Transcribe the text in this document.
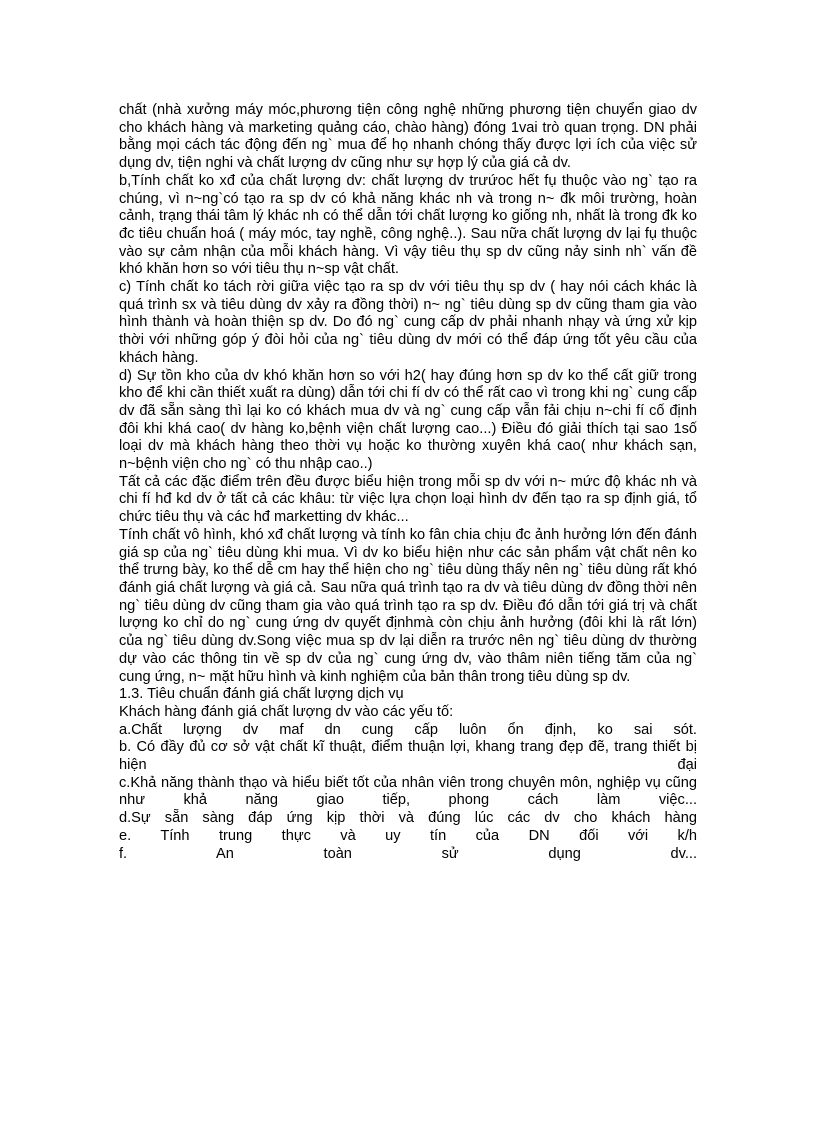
chất (nhà xưởng máy móc,phương tiện công nghệ những phương tiện chuyển giao dv cho khách hàng và marketing quảng cáo, chào hàng) đóng 1vai trò quan trọng. DN phải bằng mọi cách tác động đến ng` mua để họ nhanh chóng thấy được lợi ích của việc sử dụng dv, tiện nghi và chất lượng dv cũng như sự hợp lý của giá cả dv.

b,Tính chất ko xđ của chất lượng dv: chất lượng dv trưứoc hết fụ thuộc vào ng` tạo ra chúng, vì n~ng`có tạo ra sp dv có khả năng khác nh và trong n~ đk môi trường, hoàn cảnh, trạng thái tâm lý khác nh có thể dẫn tới chất lượng ko giống nh, nhất là trong đk ko đc tiêu chuẩn hoá ( máy móc, tay nghề, công nghệ..). Sau nữa chất lượng dv lại fụ thuộc vào sự cảm nhận của mỗi khách hàng. Vì vậy tiêu thụ sp dv cũng nảy sinh nh` vấn đề khó khăn hơn so với tiêu thụ n~sp vật chất.

c) Tính chất ko tách rời giữa việc tạo ra sp dv với tiêu thụ sp dv ( hay nói cách khác là quá trình sx và tiêu dùng dv xảy ra đồng thời) n~ ng` tiêu dùng sp dv cũng tham gia vào hình thành và hoàn thiện sp dv. Do đó ng` cung cấp dv phải nhanh nhạy và ứng xử kịp thời với những góp ý đòi hỏi của ng` tiêu dùng dv mới có thể đáp ứng tốt yêu cầu của khách hàng.

d) Sự tồn kho của dv khó khăn hơn so với h2( hay đúng hơn sp dv ko thể cất giữ trong kho để khi cần thiết xuất ra dùng) dẫn tới chi fí dv có thể rất cao vì trong khi ng` cung cấp dv đã sẵn sàng thì lại ko có khách mua dv và ng` cung cấp vẫn fải chịu n~chi fí cố định đôi khi khá cao( dv hàng ko,bệnh viện chất lượng cao...) Điều đó giải thích tại sao 1số loại dv mà khách hàng theo thời vụ hoặc ko thường xuyên khá cao( như khách sạn, n~bệnh viện cho ng` có thu nhập cao..)

Tất cả các đặc điểm trên đều được biểu hiện trong mỗi sp dv với n~ mức độ khác nh và chi fí hđ kd dv ở tất cả các khâu: từ việc lựa chọn loại hình dv đến tạo ra sp định giá, tổ chức tiêu thụ và các hđ marketting dv khác...

Tính chất vô hình, khó xđ chất lượng và tính ko fân chia chịu đc ảnh hưởng lớn đến đánh giá sp của ng` tiêu dùng khi mua. Vì dv ko biểu hiện như các sản phẩm vật chất nên ko thể trưng bày, ko thể dễ cm hay thể hiện cho ng` tiêu dùng thấy nên ng` tiêu dùng rất khó đánh giá chất lượng và giá cả. Sau nữa quá trình tạo ra dv và tiêu dùng dv đồng thời nên ng` tiêu dùng dv cũng tham gia vào quá trình tạo ra sp dv. Điều đó dẫn tới giá trị và chất lượng ko chỉ do ng` cung ứng dv quyết địnhmà còn chịu ảnh hưởng (đôi khi là rất lớn) của ng` tiêu dùng dv.Song việc mua sp dv lại diễn ra trước nên ng` tiêu dùng dv thường dự vào các thông tin về sp dv của ng` cung ứng dv, vào thâm niên tiếng tăm của ng` cung ứng, n~ mặt hữu hình và kinh nghiệm của bản thân trong tiêu dùng sp dv.

1.3. Tiêu chuẩn đánh giá chất lượng dịch vụ

Khách hàng đánh giá chất lượng dv vào các yếu tố:

a.Chất lượng dv maf dn cung cấp luôn ổn định, ko sai sót.

b. Có đầy đủ cơ sở vật chất kĩ thuật, điểm thuận lợi, khang trang đẹp đẽ, trang thiết bị hiện đại

c.Khả năng thành thạo và hiểu biết tốt của nhân viên trong chuyên môn, nghiệp vụ cũng như khả năng giao tiếp, phong cách làm việc...

d.Sự sẵn sàng đáp ứng kịp thời và đúng lúc các dv cho khách hàng

e. Tính trung thực và uy tín của DN đối với k/h

f. An toàn sử dụng dv...
